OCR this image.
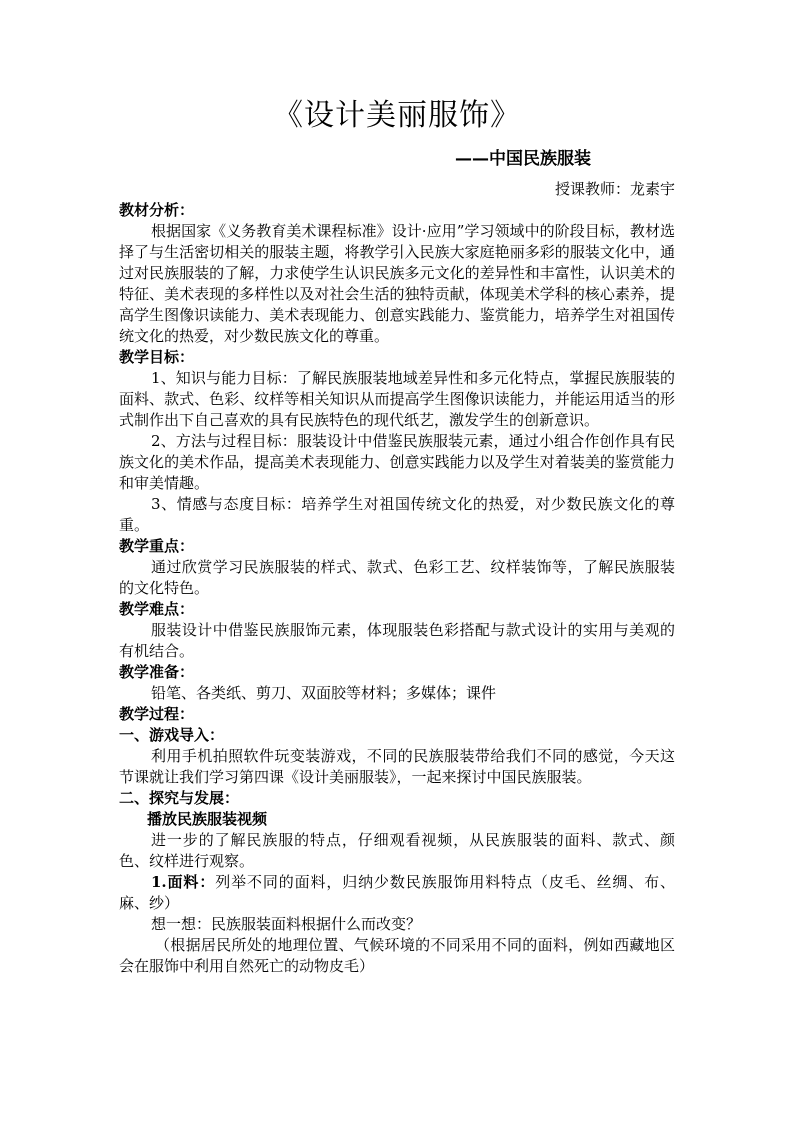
《设计美丽服饰》
——中国民族服装
授课教师：龙素宇
教材分析：

根据国家《义务教育美术课程标准》设计·应用”学习领域中的阶段目标，教材选择了与生活密切相关的服装主题，将教学引入民族大家庭艳丽多彩的服装文化中，通过对民族服装的了解，力求使学生认识民族多元文化的差异性和丰富性，认识美术的特征、美术表现的多样性以及对社会生活的独特贡献，体现美术学科的核心素养，提高学生图像识读能力、美术表现能力、创意实践能力、鉴赏能力，培养学生对祖国传统文化的热爱，对少数民族文化的尊重。

教学目标：

1、知识与能力目标：了解民族服装地域差异性和多元化特点，掌握民族服装的面料、款式、色彩、纹样等相关知识从而提高学生图像识读能力，并能运用适当的形式制作出下自己喜欢的具有民族特色的现代纸艺，激发学生的创新意识。

2、方法与过程目标：服装设计中借鉴民族服装元素，通过小组合作创作具有民族文化的美术作品，提高美术表现能力、创意实践能力以及学生对着装美的鉴赏能力和审美情趣。

3、情感与态度目标：培养学生对祖国传统文化的热爱，对少数民族文化的尊重。

教学重点：

通过欣赏学习民族服装的样式、款式、色彩工艺、纹样装饰等，了解民族服装的文化特色。

教学难点：

服装设计中借鉴民族服饰元素，体现服装色彩搭配与款式设计的实用与美观的有机结合。

教学准备：

铅笔、各类纸、剪刀、双面胶等材料；多媒体；课件

教学过程：
一、游戏导入：

利用手机拍照软件玩变装游戏，不同的民族服装带给我们不同的感觉，今天这节课就让我们学习第四课《设计美丽服装》，一起来探讨中国民族服装。

二、探究与发展：

播放民族服装视频

进一步的了解民族服的特点，仔细观看视频，从民族服装的面料、款式、颜色、纹样进行观察。

1.面料：列举不同的面料，归纳少数民族服饰用料特点（皮毛、丝绸、布、麻、纱）

想一想：民族服装面料根据什么而改变？

（根据居民所处的地理位置、气候环境的不同采用不同的面料，例如西藏地区会在服饰中利用自然死亡的动物皮毛）
